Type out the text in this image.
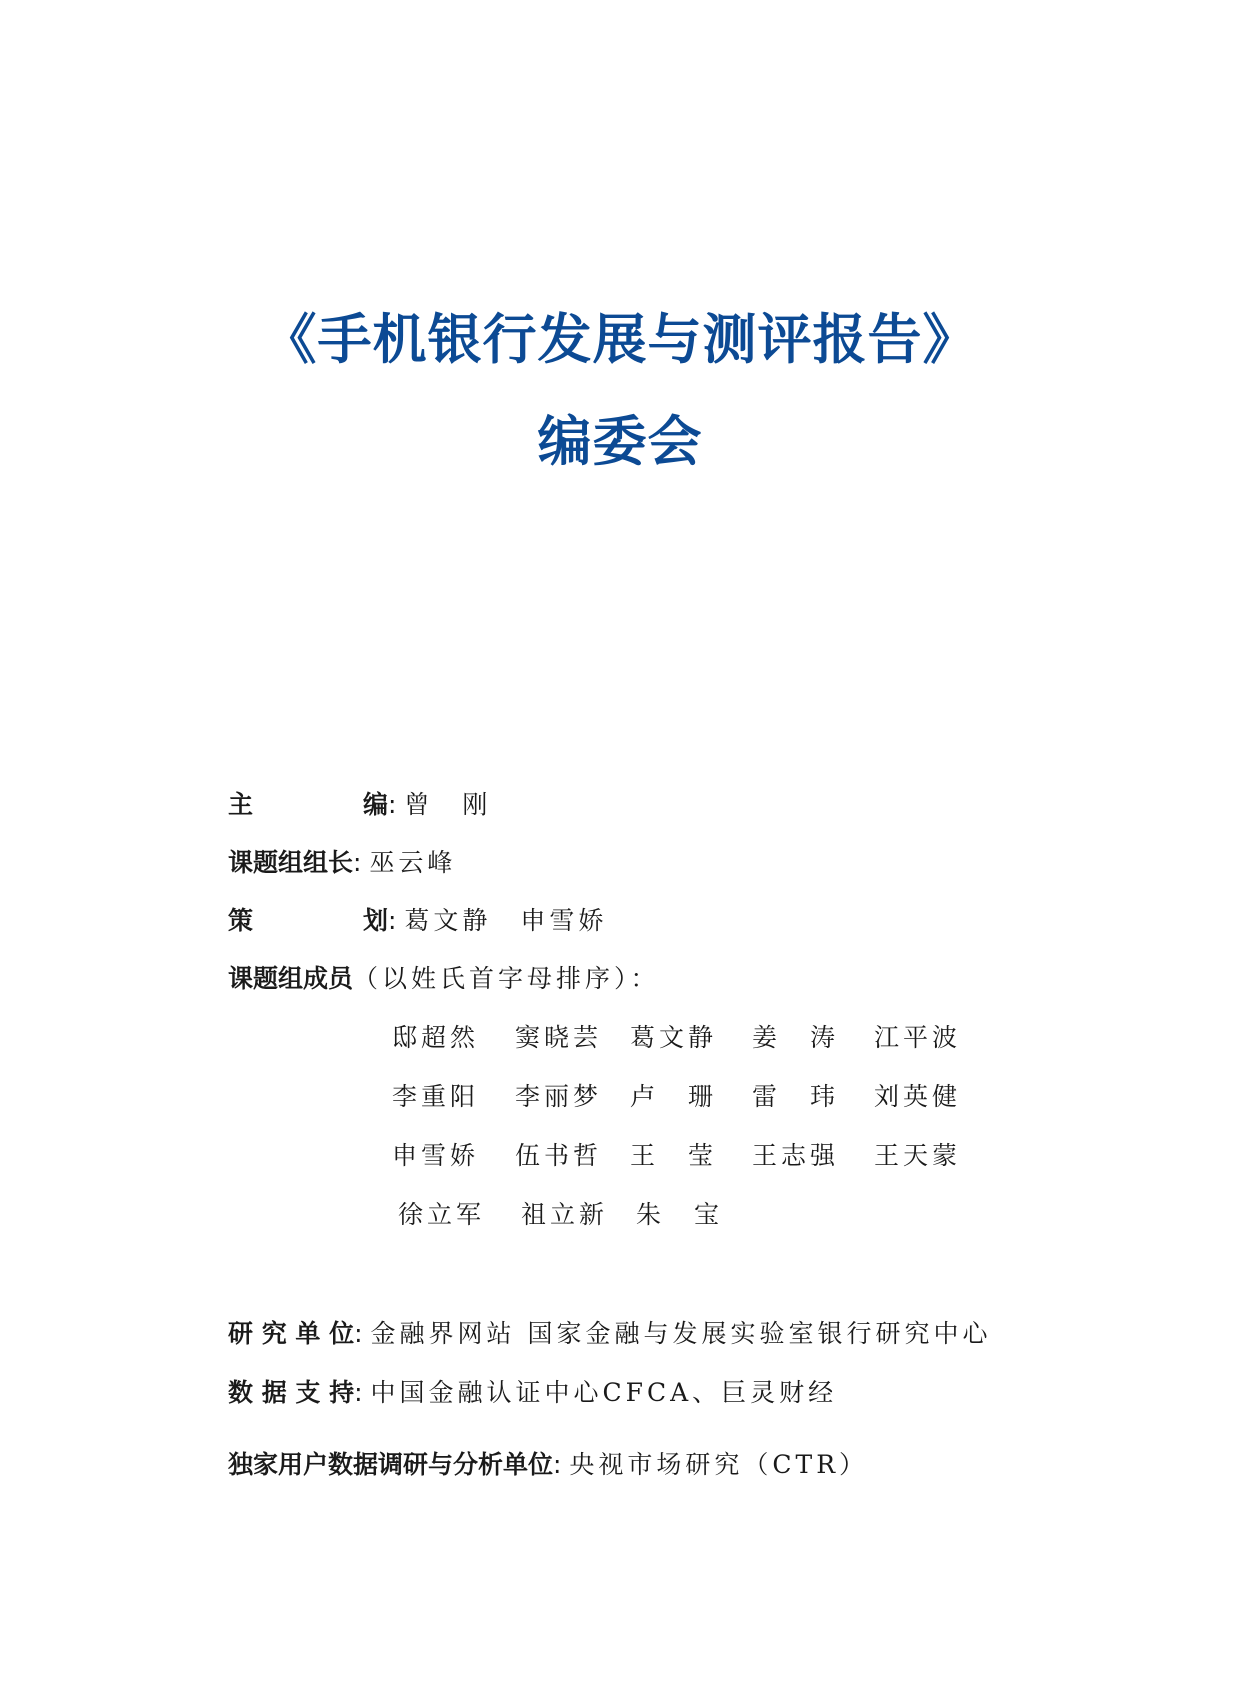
《手机银行发展与测评报告》
编委会
主	编 : 曾　刚
课题组组长: 巫云峰
策	划 : 葛文静　申雪娇
课题组成员（以姓氏首字母排序）：
邸超然 窦晓芸 葛文静 姜　涛 江平波
李重阳 李丽梦 卢　珊 雷　玮 刘英健
申雪娇 伍书哲 王　莹 王志强 王天蒙
徐立军 祖立新 朱　宝
研 究 单 位: 金融界网站 国家金融与发展实验室银行研究中心
数 据 支 持: 中国金融认证中心CFCA、巨灵财经
独家用户数据调研与分析单位: 央视市场研究（CTR）
